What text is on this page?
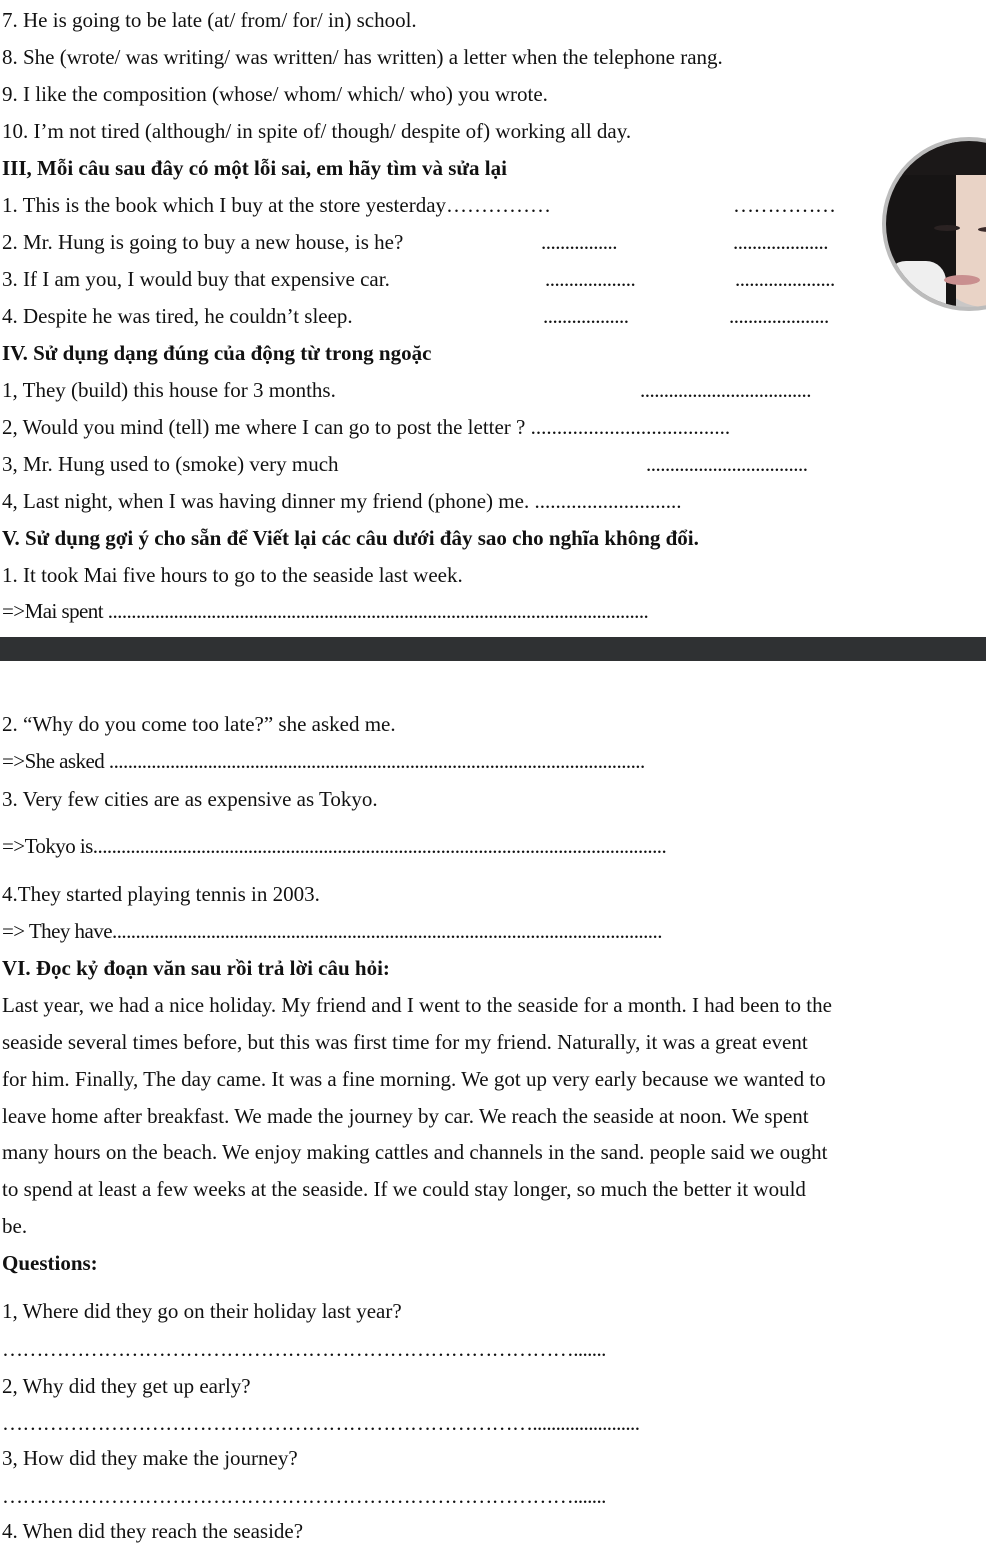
7. He is going to be late (at/ from/ for/ in) school.
8. She (wrote/ was writing/ was written/ has written) a letter when the telephone rang.
9. I like the composition (whose/ whom/ which/ who) you wrote.
10. I’m not tired (although/ in spite of/ though/ despite of) working all day.
III, Mỗi câu sau đây có một lỗi sai, em hãy tìm và sửa lại
1. This is the book which I buy at the store yesterday……………	……………
2. Mr. Hung is going to buy a new house, is he?	................	....................
3. If I am you, I would buy that expensive car.	...................	.....................
4. Despite he was tired, he couldn’t sleep.	..................	.....................
IV. Sử dụng dạng đúng của động từ trong ngoặc
1, They (build) this house for 3 months.	....................................
2, Would you mind (tell) me where I can go to post the letter ? ......................................
3, Mr. Hung used to (smoke) very much	..................................
4, Last night, when I was having dinner my friend (phone) me. ............................
V. Sử dụng gợi ý cho sẵn để Viết lại các câu dưới đây sao cho nghĩa không đổi.
1. It took Mai five hours to go to the seaside last week.
=>Mai spent ...................................................................................................................
2. “Why do you come too late?” she asked me.
=>She asked ..................................................................................................................
3. Very few cities are as expensive as Tokyo.
=>Tokyo is..........................................................................................................................
4.They started playing tennis in 2003.
=> They have.....................................................................................................................
VI. Đọc kỷ đoạn văn sau rồi trả lời câu hỏi:
Last year, we had a nice holiday. My friend and I went to the seaside for a month. I had been to the
seaside several times before, but this was first time for my friend. Naturally, it was a great event
for him. Finally, The day came. It was a fine morning. We got up very early because we wanted to
leave home after breakfast. We made the journey by car. We reach the seaside at noon. We spent
many hours on the beach. We enjoy making cattles and channels in the sand. people said we ought
to spend at least a few weeks at the seaside. If we could stay longer, so much the better it would
be.
Questions:
1, Where did they go on their holiday last year?
………………………………………………………………………….......
2, Why did they get up early?
…………………………………………………………………….......................
3, How did they make the journey?
………………………………………………………………………….......
4. When did they reach the seaside?
